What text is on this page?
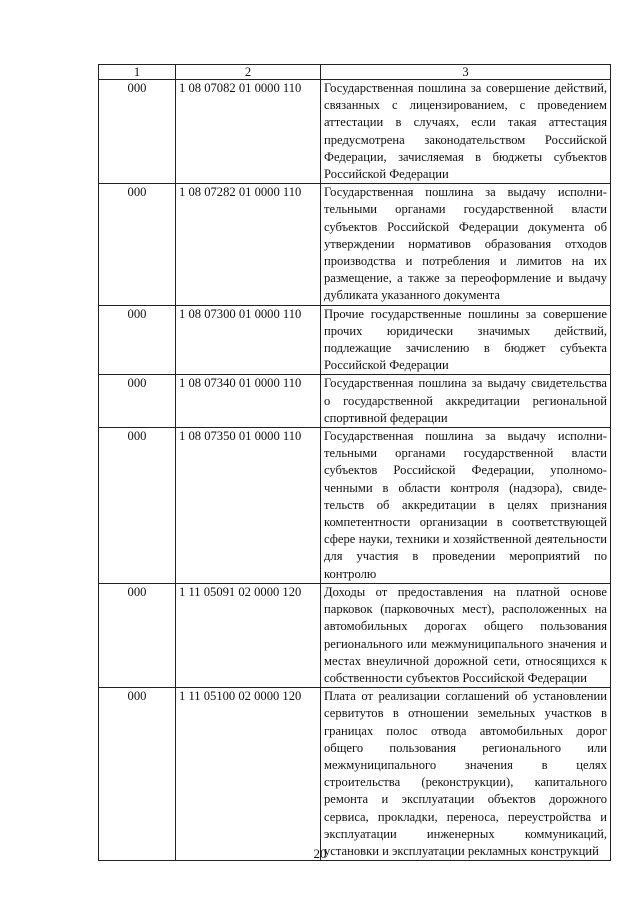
1	2	3
000	1 08 07082 01 0000 110	Государственная пошлина за совершение действий, связанных с лицензированием, с проведением аттестации в случаях, если такая аттестация предусмотрена законодательством Российской Федерации, зачисляемая в бюджеты субъектов Российской Федерации
000	1 08 07282 01 0000 110	Государственная пошлина за выдачу исполнительными органами государственной власти субъектов Российской Федерации документа об утверждении нормативов образования отходов производства и потребления и лимитов на их размещение, а также за переоформление и выдачу дубликата указанного документа
000	1 08 07300 01 0000 110	Прочие государственные пошлины за совершение прочих юридически значимых действий, подлежащие зачислению в бюджет субъекта Российской Федерации
000	1 08 07340 01 0000 110	Государственная пошлина за выдачу свидетельства о государственной аккредитации региональной спортивной федерации
000	1 08 07350 01 0000 110	Государственная пошлина за выдачу исполнительными органами государственной власти субъектов Российской Федерации, уполномоченными в области контроля (надзора), свидетельств об аккредитации в целях признания компетентности организации в соответствующей сфере науки, техники и хозяйственной деятельности для участия в проведении мероприятий по контролю
000	1 11 05091 02 0000 120	Доходы от предоставления на платной основе парковок (парковочных мест), расположенных на автомобильных дорогах общего пользования регионального или межмуниципального значения и местах внеуличной дорожной сети, относящихся к собственности субъектов Российской Федерации
000	1 11 05100 02 0000 120	Плата от реализации соглашений об установлении сервитутов в отношении земельных участков в границах полос отвода автомобильных дорог общего пользования регионального или межмуниципального значения в целях строительства (реконструкции), капитального ремонта и эксплуатации объектов дорожного сервиса, прокладки, переноса, переустройства и эксплуатации инженерных коммуникаций, установки и эксплуатации рекламных конструкций
20
